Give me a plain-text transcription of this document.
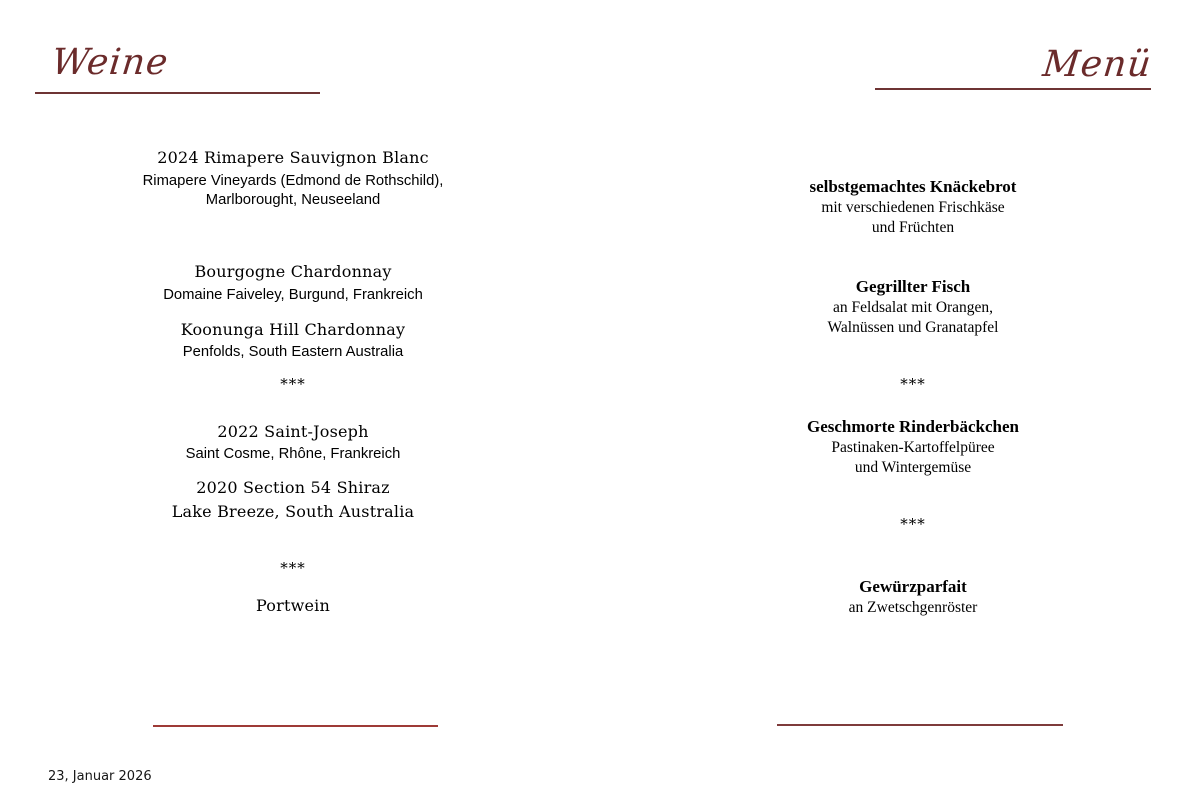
Weine	Menü
2024 Rimapere Sauvignon Blanc
Rimapere Vineyards (Edmond de Rothschild),
Marlborought, Neuseeland
Bourgogne Chardonnay
Domaine Faiveley, Burgund, Frankreich
Koonunga Hill Chardonnay
Penfolds, South Eastern Australia
***
2022 Saint-Joseph
Saint Cosme, Rhône, Frankreich
2020 Section 54 Shiraz
Lake Breeze, South Australia
***
Portwein
selbstgemachtes Knäckebrot
mit verschiedenen Frischkäse
und Früchten
Gegrillter Fisch
an Feldsalat mit Orangen,
Walnüssen und Granatapfel
***
Geschmorte Rinderbäckchen
Pastinaken-Kartoffelpüree
und Wintergemüse
***
Gewürzparfait
an Zwetschgenröster
23, Januar 2026
